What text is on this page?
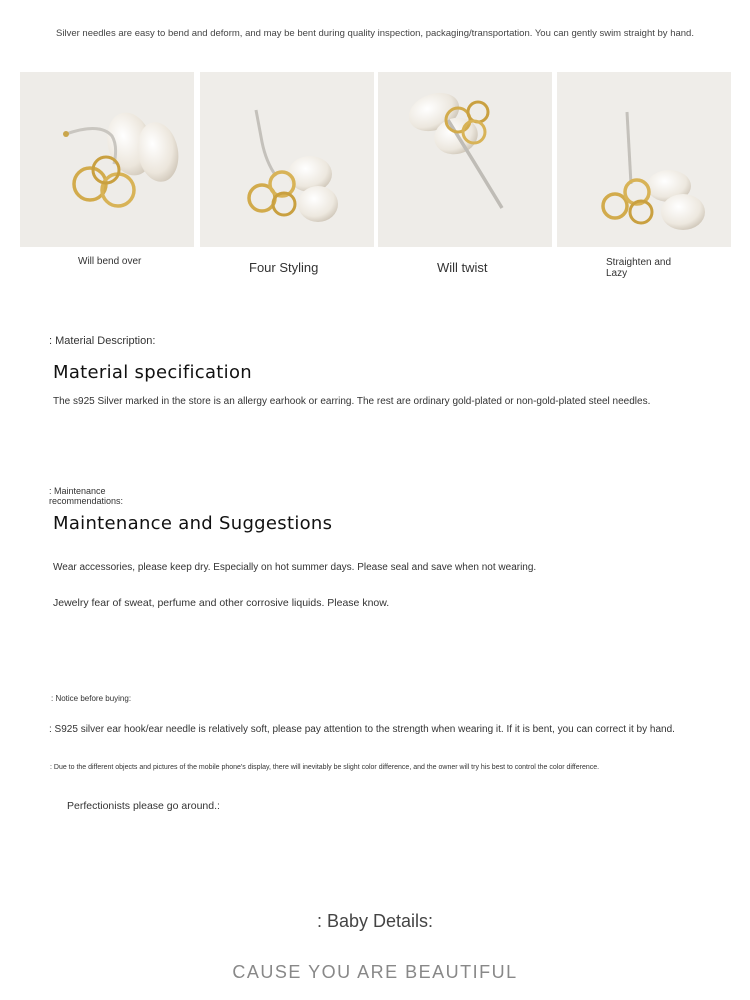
Silver needles are easy to bend and deform, and may be bent during quality inspection, packaging/transportation. You can gently swim straight by hand.
Will bend over	Four Styling	Will twist	Straighten and Lazy
: Material Description:
Material specification
The s925 Silver marked in the store is an allergy earhook or earring. The rest are ordinary gold-plated or non-gold-plated steel needles.
: Maintenance recommendations:
Maintenance and Suggestions
Wear accessories, please keep dry. Especially on hot summer days. Please seal and save when not wearing.
Jewelry fear of sweat, perfume and other corrosive liquids. Please know.
: Notice before buying:
: S925 silver ear hook/ear needle is relatively soft, please pay attention to the strength when wearing it. If it is bent, you can correct it by hand.
: Due to the different objects and pictures of the mobile phone's display, there will inevitably be slight color difference, and the owner will try his best to control the color difference.
Perfectionists please go around.:
: Baby Details:
CAUSE YOU ARE BEAUTIFUL
